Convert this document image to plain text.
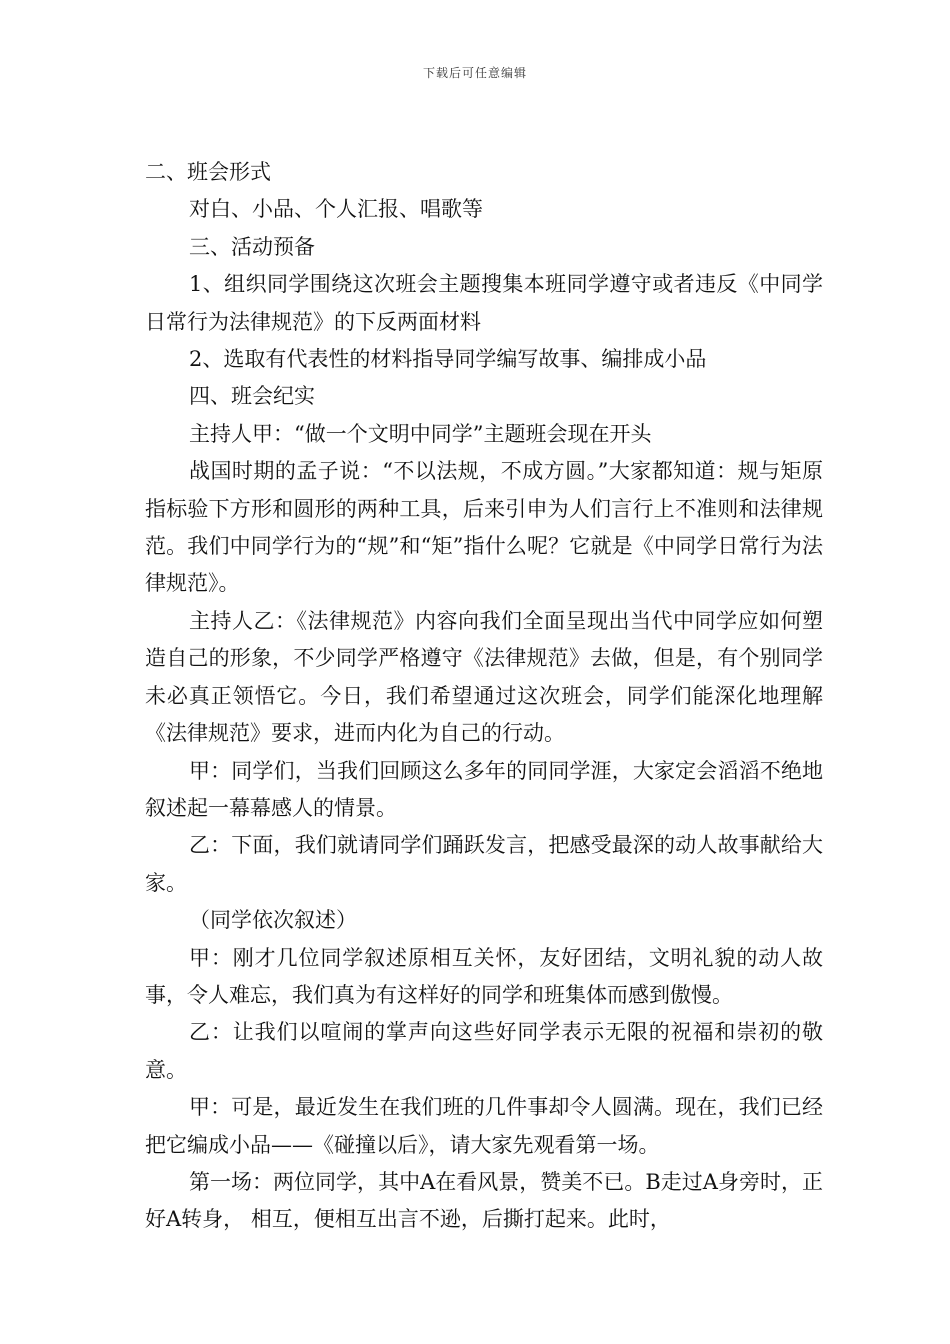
下载后可任意编辑

二、班会形式

对白、小品、个人汇报、唱歌等

三、活动预备

1、组织同学围绕这次班会主题搜集本班同学遵守或者违反《中同学日常行为法律规范》的下反两面材料

2、选取有代表性的材料指导同学编写故事、编排成小品

四、班会纪实

主持人甲：“做一个文明中同学”主题班会现在开头

战国时期的孟子说：“不以法规，不成方圆。”大家都知道：规与矩原指标验下方形和圆形的两种工具，后来引申为人们言行上不准则和法律规范。我们中同学行为的“规”和“矩”指什么呢？它就是《中同学日常行为法律规范》。

主持人乙：《法律规范》内容向我们全面呈现出当代中同学应如何塑造自己的形象，不少同学严格遵守《法律规范》去做，但是，有个别同学未必真正领悟它。今日，我们希望通过这次班会，同学们能深化地理解《法律规范》要求，进而内化为自己的行动。

甲：同学们，当我们回顾这么多年的同同学涯，大家定会滔滔不绝地叙述起一幕幕感人的情景。

乙：下面，我们就请同学们踊跃发言，把感受最深的动人故事献给大家。

（同学依次叙述）

甲：刚才几位同学叙述原相互关怀，友好团结，文明礼貌的动人故事，令人难忘，我们真为有这样好的同学和班集体而感到傲慢。

乙：让我们以喧闹的掌声向这些好同学表示无限的祝福和崇初的敬意。

甲：可是，最近发生在我们班的几件事却令人圆满。现在，我们已经把它编成小品——《碰撞以后》，请大家先观看第一场。

第一场：两位同学，其中A在看风景，赞美不已。B走过A身旁时，正好A转身， 相互，便相互出言不逊，后撕打起来。此时，
